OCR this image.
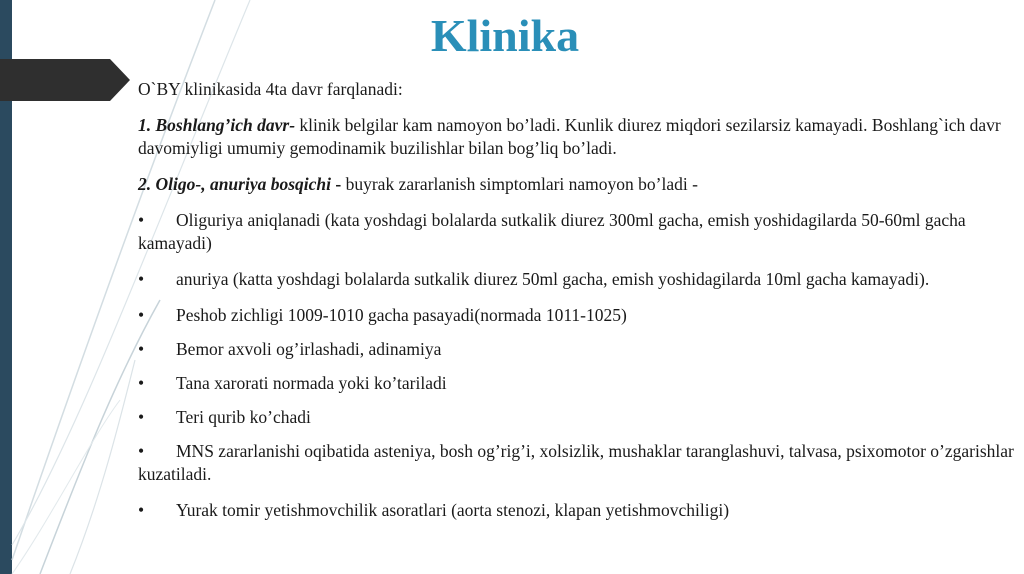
Klinika

O`BY klinikasida 4ta davr farqlanadi:

1. Boshlang’ich davr- klinik belgilar kam namoyon bo’ladi. Kunlik diurez miqdori sezilarsiz kamayadi. Boshlang`ich davr davomiyligi umumiy gemodinamik buzilishlar bilan bog’liq bo’ladi.

2. Oligo-, anuriya bosqichi - buyrak zararlanish simptomlari namoyon bo’ladi -

• Oliguriya aniqlanadi (kata yoshdagi bolalarda sutkalik diurez 300ml gacha, emish yoshidagilarda 50-60ml gacha kamayadi)

• anuriya (katta yoshdagi bolalarda sutkalik diurez 50ml gacha, emish yoshidagilarda 10ml gacha kamayadi).

• Peshob zichligi 1009-1010 gacha pasayadi(normada 1011-1025)

• Bemor axvoli og’irlashadi, adinamiya

• Tana xarorati normada yoki ko’tariladi

• Teri qurib ko’chadi

• MNS zararlanishi oqibatida asteniya, bosh og’rig’i, xolsizlik, mushaklar taranglashuvi, talvasa, psixomotor o’zgarishlar kuzatiladi.

• Yurak tomir yetishmovchilik asoratlari (aorta stenozi, klapan yetishmovchiligi)
